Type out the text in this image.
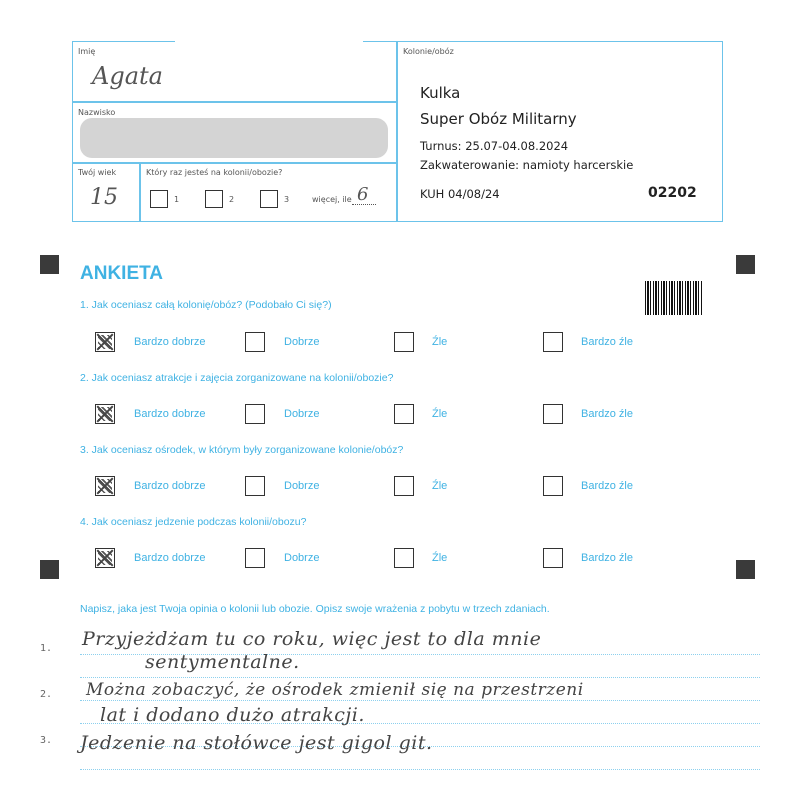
Imię
Agata
Nazwisko
Twój wiek
15
Który raz jesteś na kolonii/obozie?
1	2	3	więcej, ile 6
Kolonie/obóz
Kulka
Super Obóz Militarny
Turnus: 25.07-04.08.2024
Zakwaterowanie: namioty harcerskie
KUH 04/08/24	02202
ANKIETA
1. Jak oceniasz całą kolonię/obóz? (Podobało Ci się?)
Bardzo dobrze	Dobrze	Źle	Bardzo źle
2. Jak oceniasz atrakcje i zajęcia zorganizowane na kolonii/obozie?
Bardzo dobrze	Dobrze	Źle	Bardzo źle
3. Jak oceniasz ośrodek, w którym były zorganizowane kolonie/obóz?
Bardzo dobrze	Dobrze	Źle	Bardzo źle
4. Jak oceniasz jedzenie podczas kolonii/obozu?
Bardzo dobrze	Dobrze	Źle	Bardzo źle
Napisz, jaka jest Twoja opinia o kolonii lub obozie. Opisz swoje wrażenia z pobytu w trzech zdaniach.
1.
2.
3.
Przyjeżdżam tu co roku, więc jest to dla mnie
sentymentalne.
Można zobaczyć, że ośrodek zmienił się na przestrzeni
lat i dodano dużo atrakcji.
Jedzenie na stołówce jest gigol git.
